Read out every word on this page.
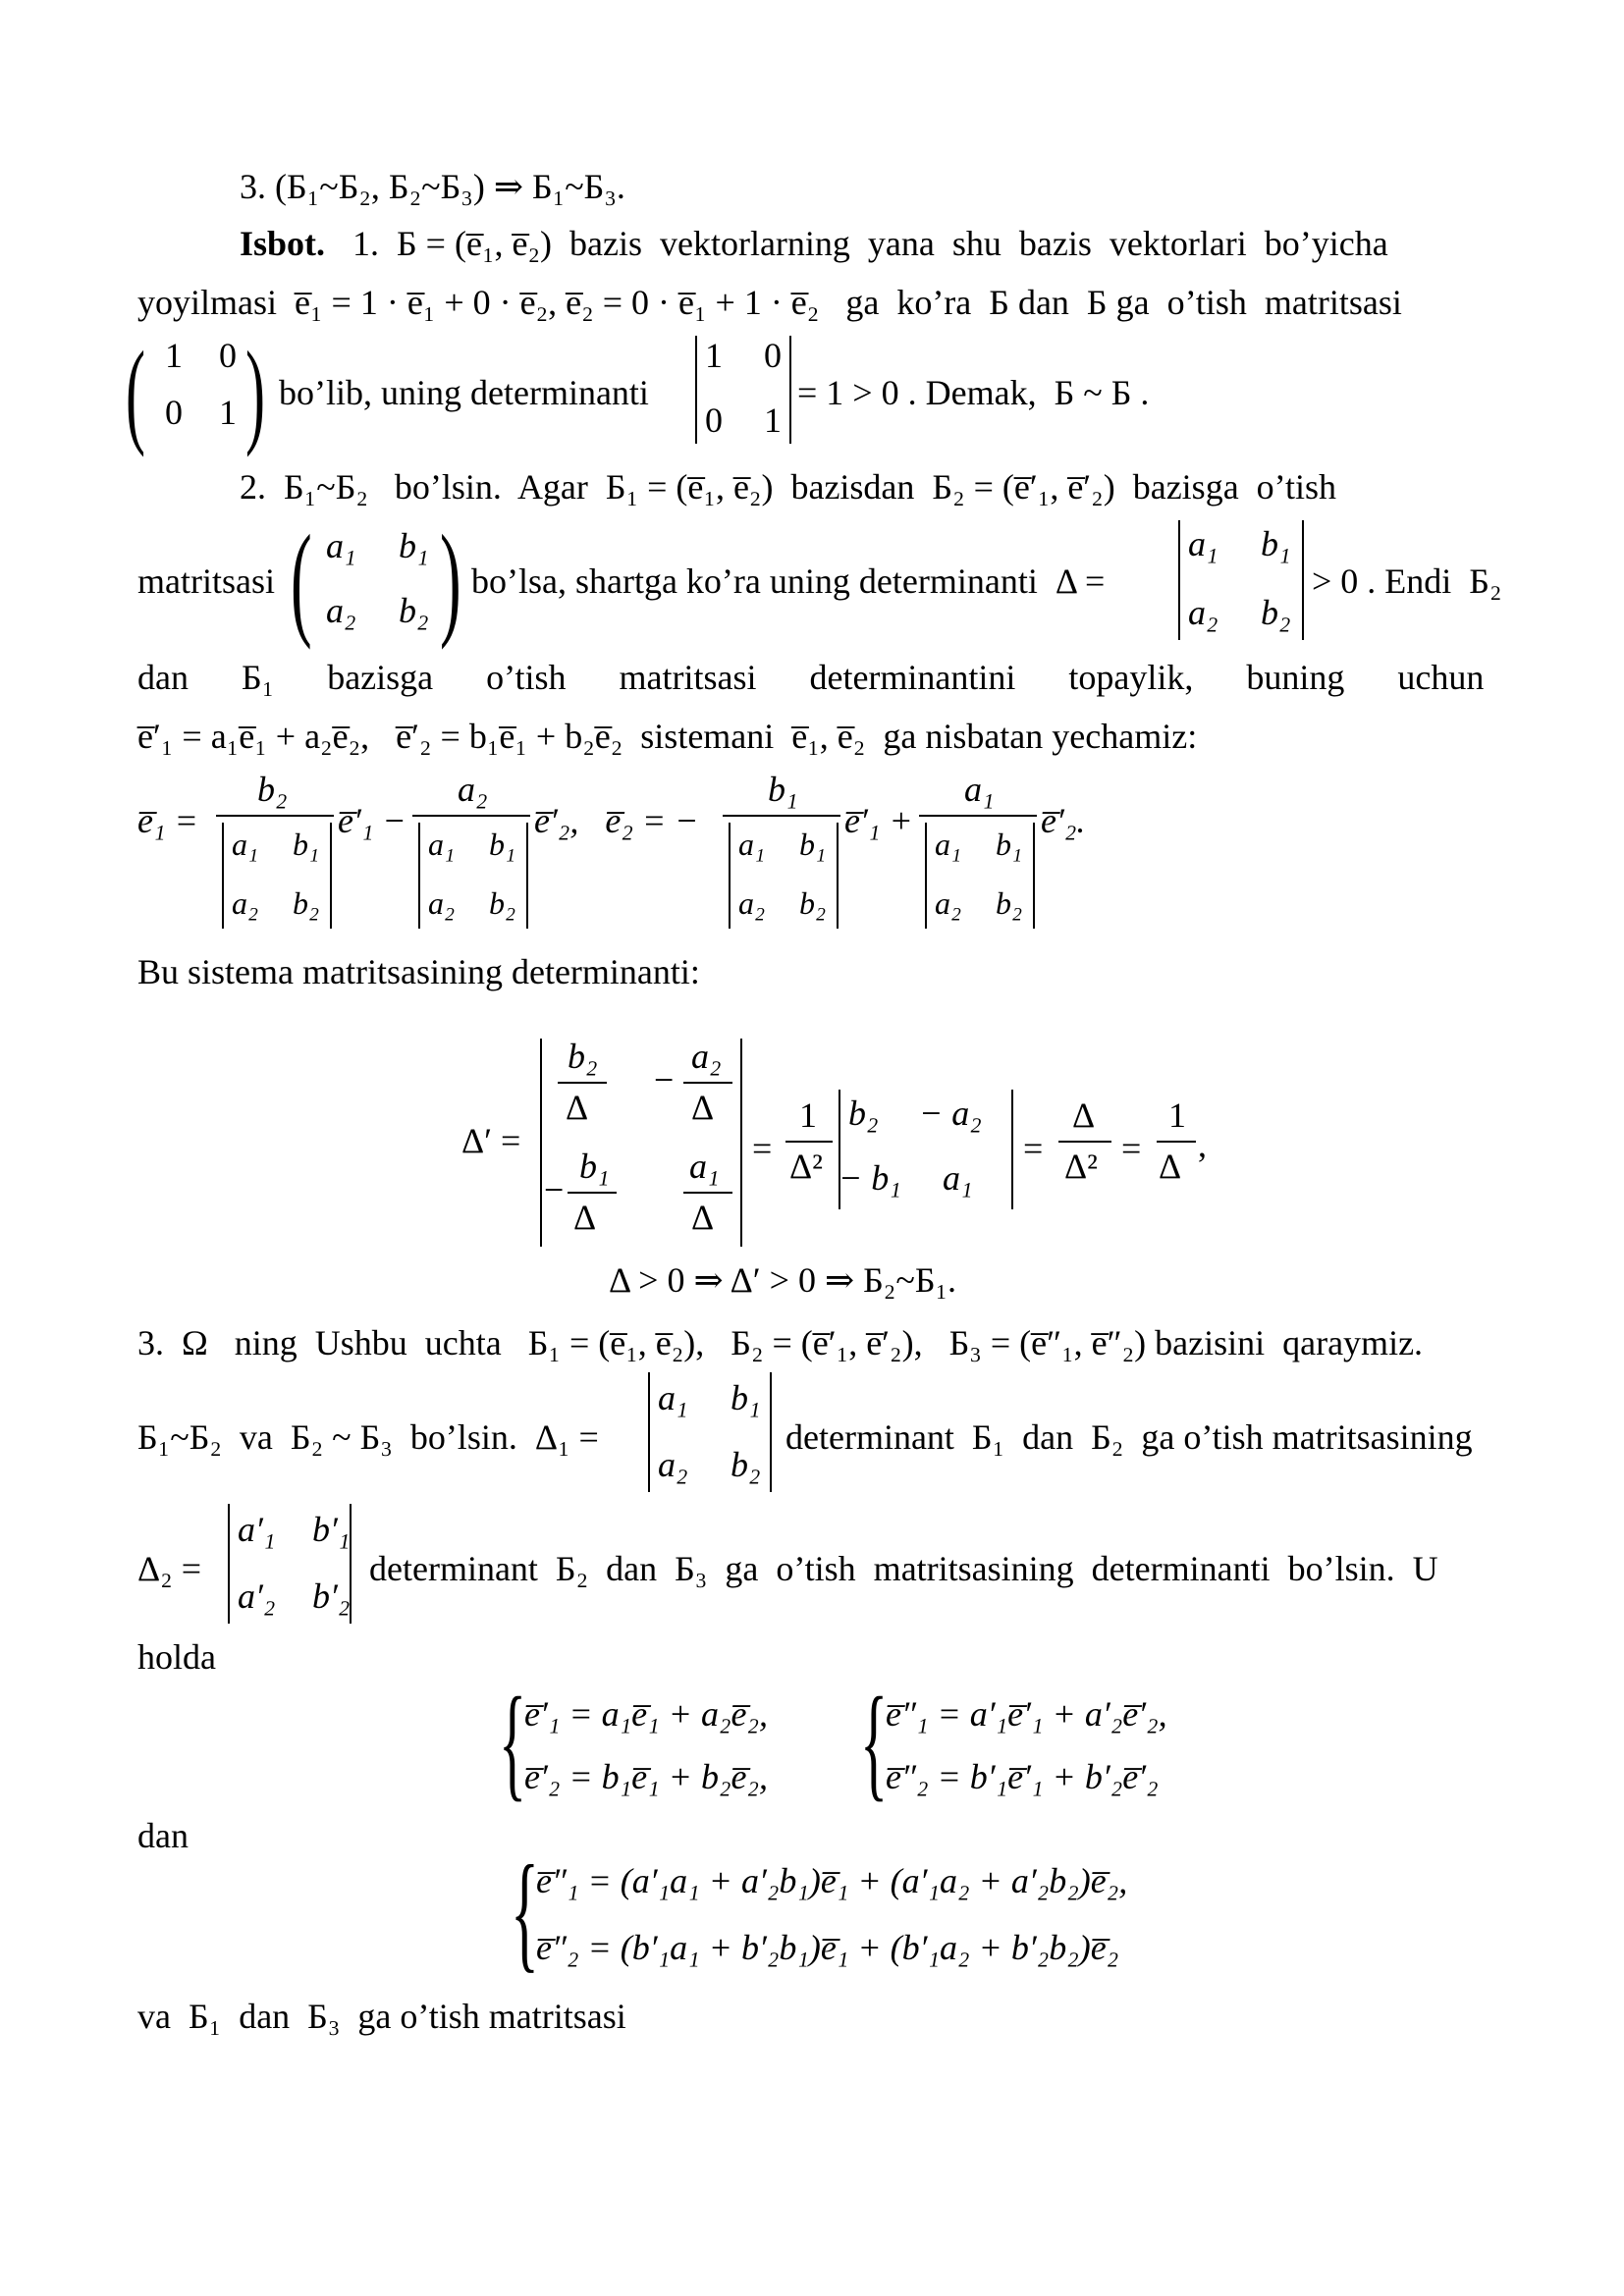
3. (Б₁~Б₂, Б₂~Б₃) ⇒ Б₁~Б₃.
Isbot. 1.  Б = (e̅₁, e̅₂)  bazis  vektorlarning  yana  shu  bazis  vektorlari  bo’yicha
yoyilmasi  e̅₁ = 1 · e̅₁ + 0 · e̅₂, e̅₂ = 0 · e̅₁ + 1 · e̅₂   ga  ko’ra  Б dan  Б ga  o’tish  matritsasi
( 1 0
0 1 ) bo’lib, uning determinanti
1 0
0 1
= 1 > 0 . Demak,  Б ~ Б .
2.  Б₁~Б₂   bo’lsin.  Agar  Б₁ = (e̅₁, e̅₂)  bazisdan  Б₂ = (e̅′₁, e̅′₂)  bazisga  o’tish
matritsasi ( a₁ b₁
a₂ b₂ ) bo’lsa, shartga ko’ra uning determinanti  Δ =
a₁ b₁
a₂ b₂
> 0 . Endi  Б₂
dan      Б₁      bazisga      o’tish      matritsasi      determinantini      topaylik,      buning      uchun
e̅′₁ = a₁e̅₁ + a₂e̅₂,   e̅′₂ = b₁e̅₁ + b₂e̅₂  sistemani  e̅₁, e̅₂  ga nisbatan yechamiz:
e̅₁ =
b₂
a₁ b₁
a₂ b₂
e̅′₁ −
a₂
a₁ b₁
a₂ b₂
e̅′₂,   e̅₂ = −
b₁
a₁ b₁
a₂ b₂
e̅′₁ +
a₁
a₁ b₁
a₂ b₂
e̅′₂.
Bu sistema matritsasining determinanti:
Δ′ =
b₂
Δ
−
a₂
Δ
−
b₁
Δ
a₁
Δ
=
1
Δ²
b₂ − a₂
− b₁ a₁
=
Δ
Δ² =
1
Δ
,
Δ > 0 ⇒ Δ′ > 0 ⇒ Б₂~Б₁.
3.  Ω   ning  Ushbu  uchta   Б₁ = (e̅₁, e̅₂),   Б₂ = (e̅′₁, e̅′₂),   Б₃ = (e̅″₁, e̅″₂) bazisini  qaraymiz.
Б₁~Б₂  va  Б₂ ~ Б₃  bo’lsin.  Δ₁ =
a₁ b₁
a₂ b₂
determinant  Б₁  dan  Б₂  ga o’tish matritsasining
Δ₂ =
a′₁ b′₁
a′₂ b′₂
determinant  Б₂  dan  Б₃  ga  o’tish  matritsasining  determinanti  bo’lsin.  U
holda
{
e̅′₁ = a₁e̅₁ + a₂e̅₂,
e̅′₂ = b₁e̅₁ + b₂e̅₂, {
e̅″₁ = a′₁e̅′₁ + a′₂e̅′₂,
e̅″₂ = b′₁e̅′₁ + b′₂e̅′₂
dan
{
e̅″₁ = (a′₁a₁ + a′₂b₁)e̅₁ + (a′₁a₂ + a′₂b₂)e̅₂,
e̅″₂ = (b′₁a₁ + b′₂b₁)e̅₁ + (b′₁a₂ + b′₂b₂)e̅₂
va  Б₁  dan  Б₃  ga o’tish matritsasi
